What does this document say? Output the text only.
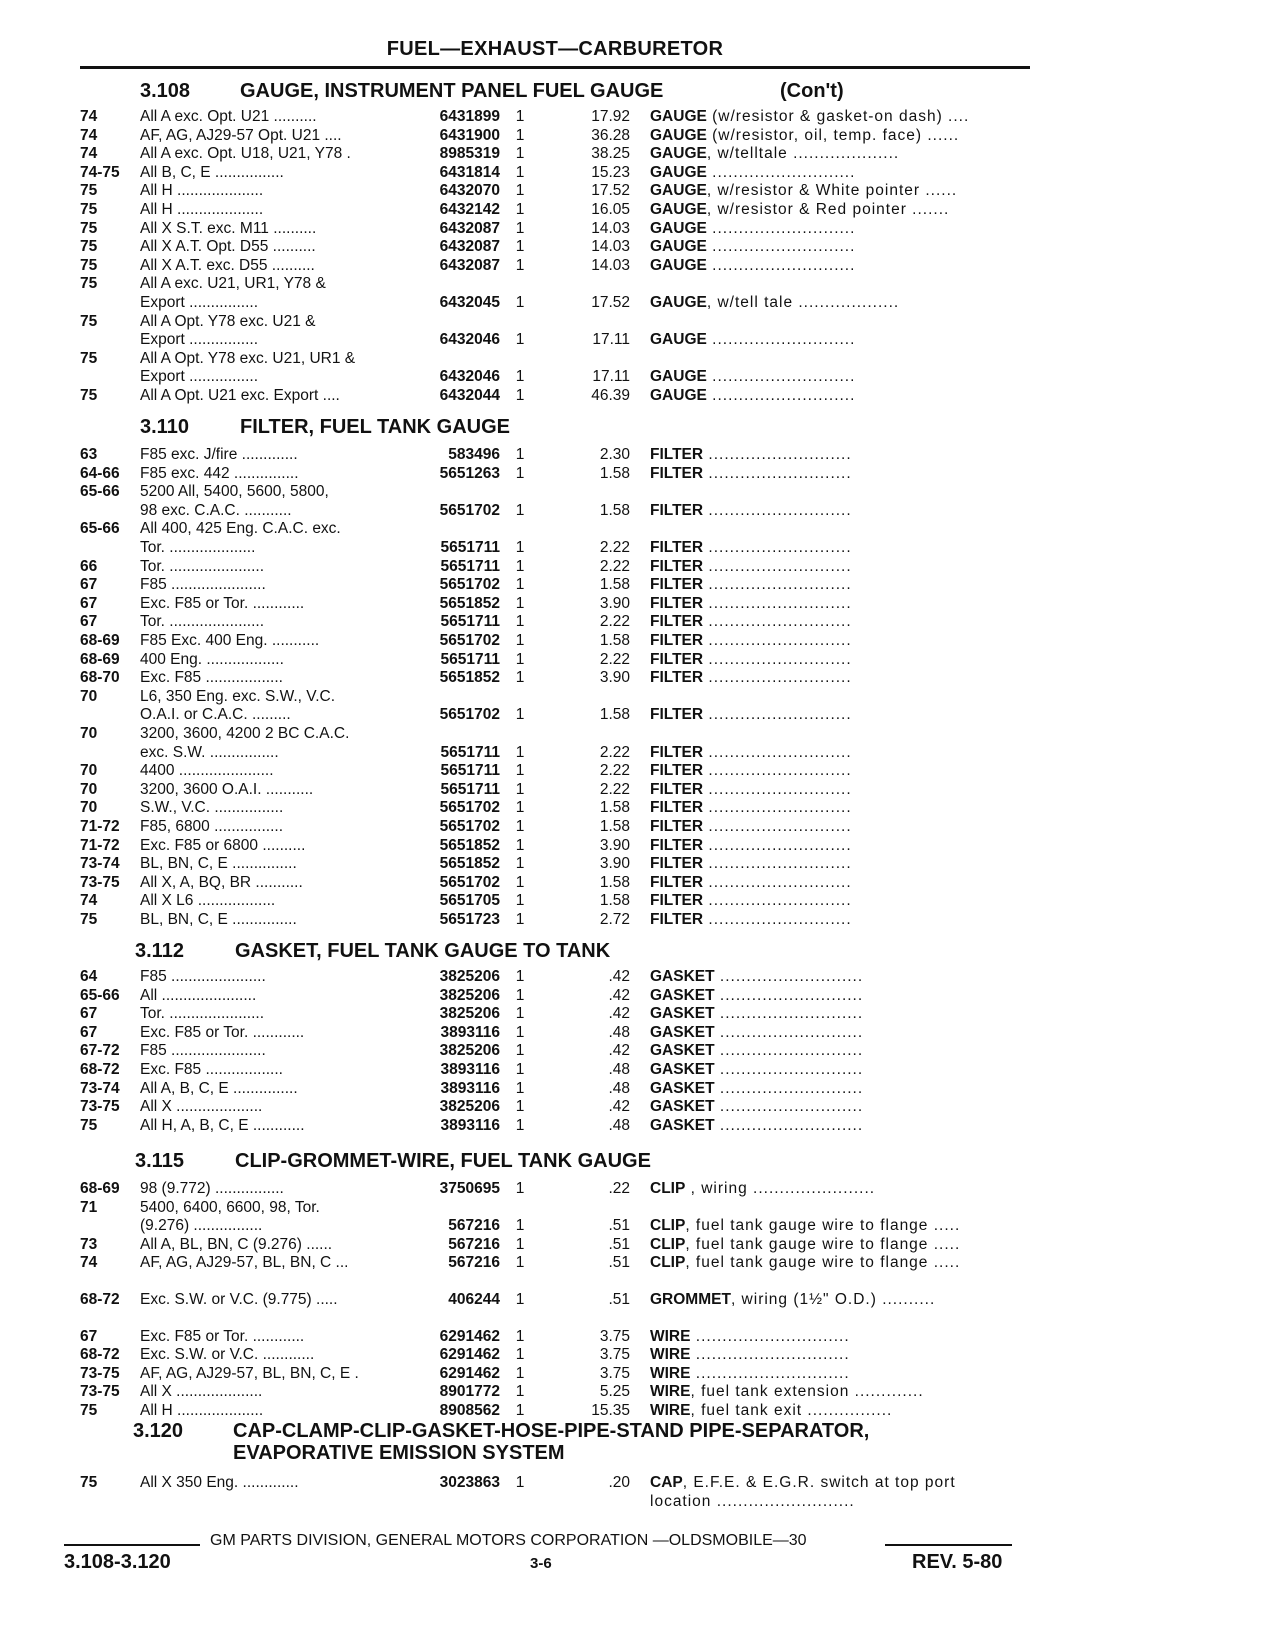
FUEL—EXHAUST—CARBURETOR
3.108 GAUGE, INSTRUMENT PANEL FUEL GAUGE	(Con't)
74	All A exc. Opt. U21 ..........	6431899 1	17.92 GAUGE (w/resistor & gasket-on dash) ....
74	AF, AG, AJ29-57 Opt. U21 ....	6431900 1	36.28 GAUGE (w/resistor, oil, temp. face) ......
74	All A exc. Opt. U18, U21, Y78 .	8985319 1	38.25 GAUGE, w/telltale ....................
74-75	All B, C, E ................	6431814 1	15.23 GAUGE ...........................
75	All H ....................	6432070 1	17.52 GAUGE, w/resistor & White pointer ......
75	All H ....................	6432142 1	16.05 GAUGE, w/resistor & Red pointer .......
75	All X S.T. exc. M11 ..........	6432087 1	14.03 GAUGE ...........................
75	All X A.T. Opt. D55 ..........	6432087 1	14.03 GAUGE ...........................
75	All X A.T. exc. D55 ..........	6432087 1	14.03 GAUGE ...........................
75	All A exc. U21, UR1, Y78 &
Export ................	6432045 1	17.52 GAUGE, w/tell tale ...................
75	All A Opt. Y78 exc. U21 &
Export ................	6432046 1	17.11 GAUGE ...........................
75	All A Opt. Y78 exc. U21, UR1 &
Export ................	6432046 1	17.11 GAUGE ...........................
75	All A Opt. U21 exc. Export ....	6432044 1	46.39 GAUGE ...........................
3.110	FILTER, FUEL TANK GAUGE
63	F85 exc. J/fire .............	583496 1	2.30 FILTER ...........................
64-66	F85 exc. 442 ...............	5651263 1	1.58 FILTER ...........................
65-66	5200 All, 5400, 5600, 5800,
98 exc. C.A.C. ...........	5651702 1	1.58 FILTER ...........................
65-66	All 400, 425 Eng. C.A.C. exc.
Tor. ....................	5651711 1	2.22 FILTER ...........................
66	Tor. ......................	5651711 1	2.22 FILTER ...........................
67	F85 ......................	5651702 1	1.58 FILTER ...........................
67	Exc. F85 or Tor. ............	5651852 1	3.90 FILTER ...........................
67	Tor. ......................	5651711 1	2.22 FILTER ...........................
68-69	F85 Exc. 400 Eng. ...........	5651702 1	1.58 FILTER ...........................
68-69	400 Eng. ..................	5651711 1	2.22 FILTER ...........................
68-70	Exc. F85 ..................	5651852 1	3.90 FILTER ...........................
70	L6, 350 Eng. exc. S.W., V.C.
O.A.I. or C.A.C. .........	5651702 1	1.58 FILTER ...........................
70	3200, 3600, 4200 2 BC C.A.C.
exc. S.W. ................	5651711 1	2.22 FILTER ...........................
70	4400 ......................	5651711 1	2.22 FILTER ...........................
70	3200, 3600 O.A.I. ...........	5651711 1	2.22 FILTER ...........................
70	S.W., V.C. ................	5651702 1	1.58 FILTER ...........................
71-72	F85, 6800 ................	5651702 1	1.58 FILTER ...........................
71-72	Exc. F85 or 6800 ..........	5651852 1	3.90 FILTER ...........................
73-74	BL, BN, C, E ...............	5651852 1	3.90 FILTER ...........................
73-75	All X, A, BQ, BR ...........	5651702 1	1.58 FILTER ...........................
74	All X L6 ..................	5651705 1	1.58 FILTER ...........................
75	BL, BN, C, E ...............	5651723 1	2.72 FILTER ...........................
3.112	GASKET, FUEL TANK GAUGE TO TANK
64	F85 ......................	3825206 1	.42 GASKET ...........................
65-66	All ......................	3825206 1	.42 GASKET ...........................
67	Tor. ......................	3825206 1	.42 GASKET ...........................
67	Exc. F85 or Tor. ............	3893116 1	.48 GASKET ...........................
67-72	F85 ......................	3825206 1	.42 GASKET ...........................
68-72	Exc. F85 ..................	3893116 1	.48 GASKET ...........................
73-74	All A, B, C, E ...............	3893116 1	.48 GASKET ...........................
73-75	All X ....................	3825206 1	.42 GASKET ...........................
75	All H, A, B, C, E ............	3893116 1	.48 GASKET ...........................
3.115	CLIP-GROMMET-WIRE, FUEL TANK GAUGE
68-69	98 (9.772) ................	3750695 1	.22 CLIP , wiring .......................
71	5400, 6400, 6600, 98, Tor.
(9.276) ................	567216 1	.51 CLIP, fuel tank gauge wire to flange .....
73	All A, BL, BN, C (9.276) ......	567216 1	.51 CLIP, fuel tank gauge wire to flange .....
74	AF, AG, AJ29-57, BL, BN, C ...	567216 1	.51 CLIP, fuel tank gauge wire to flange .....
68-72	Exc. S.W. or V.C. (9.775) .....	406244 1	.51 GROMMET, wiring (1½" O.D.) ..........
67	Exc. F85 or Tor. ............	6291462 1	3.75 WIRE .............................
68-72	Exc. S.W. or V.C. ............	6291462 1	3.75 WIRE .............................
73-75	AF, AG, AJ29-57, BL, BN, C, E .	6291462 1	3.75 WIRE .............................
73-75	All X ....................	8901772 1	5.25 WIRE, fuel tank extension .............
75	All H ....................	8908562 1	15.35 WIRE, fuel tank exit ................
3.120 CAP-CLAMP-CLIP-GASKET-HOSE-PIPE-STAND PIPE-SEPARATOR,
EVAPORATIVE EMISSION SYSTEM
75	All X 350 Eng. .............	3023863 1	.20 CAP, E.F.E. & E.G.R. switch at top port
location ..........................
GM PARTS DIVISION, GENERAL MOTORS CORPORATION —OLDSMOBILE—30
3.108-3.120	3-6	REV. 5-80
